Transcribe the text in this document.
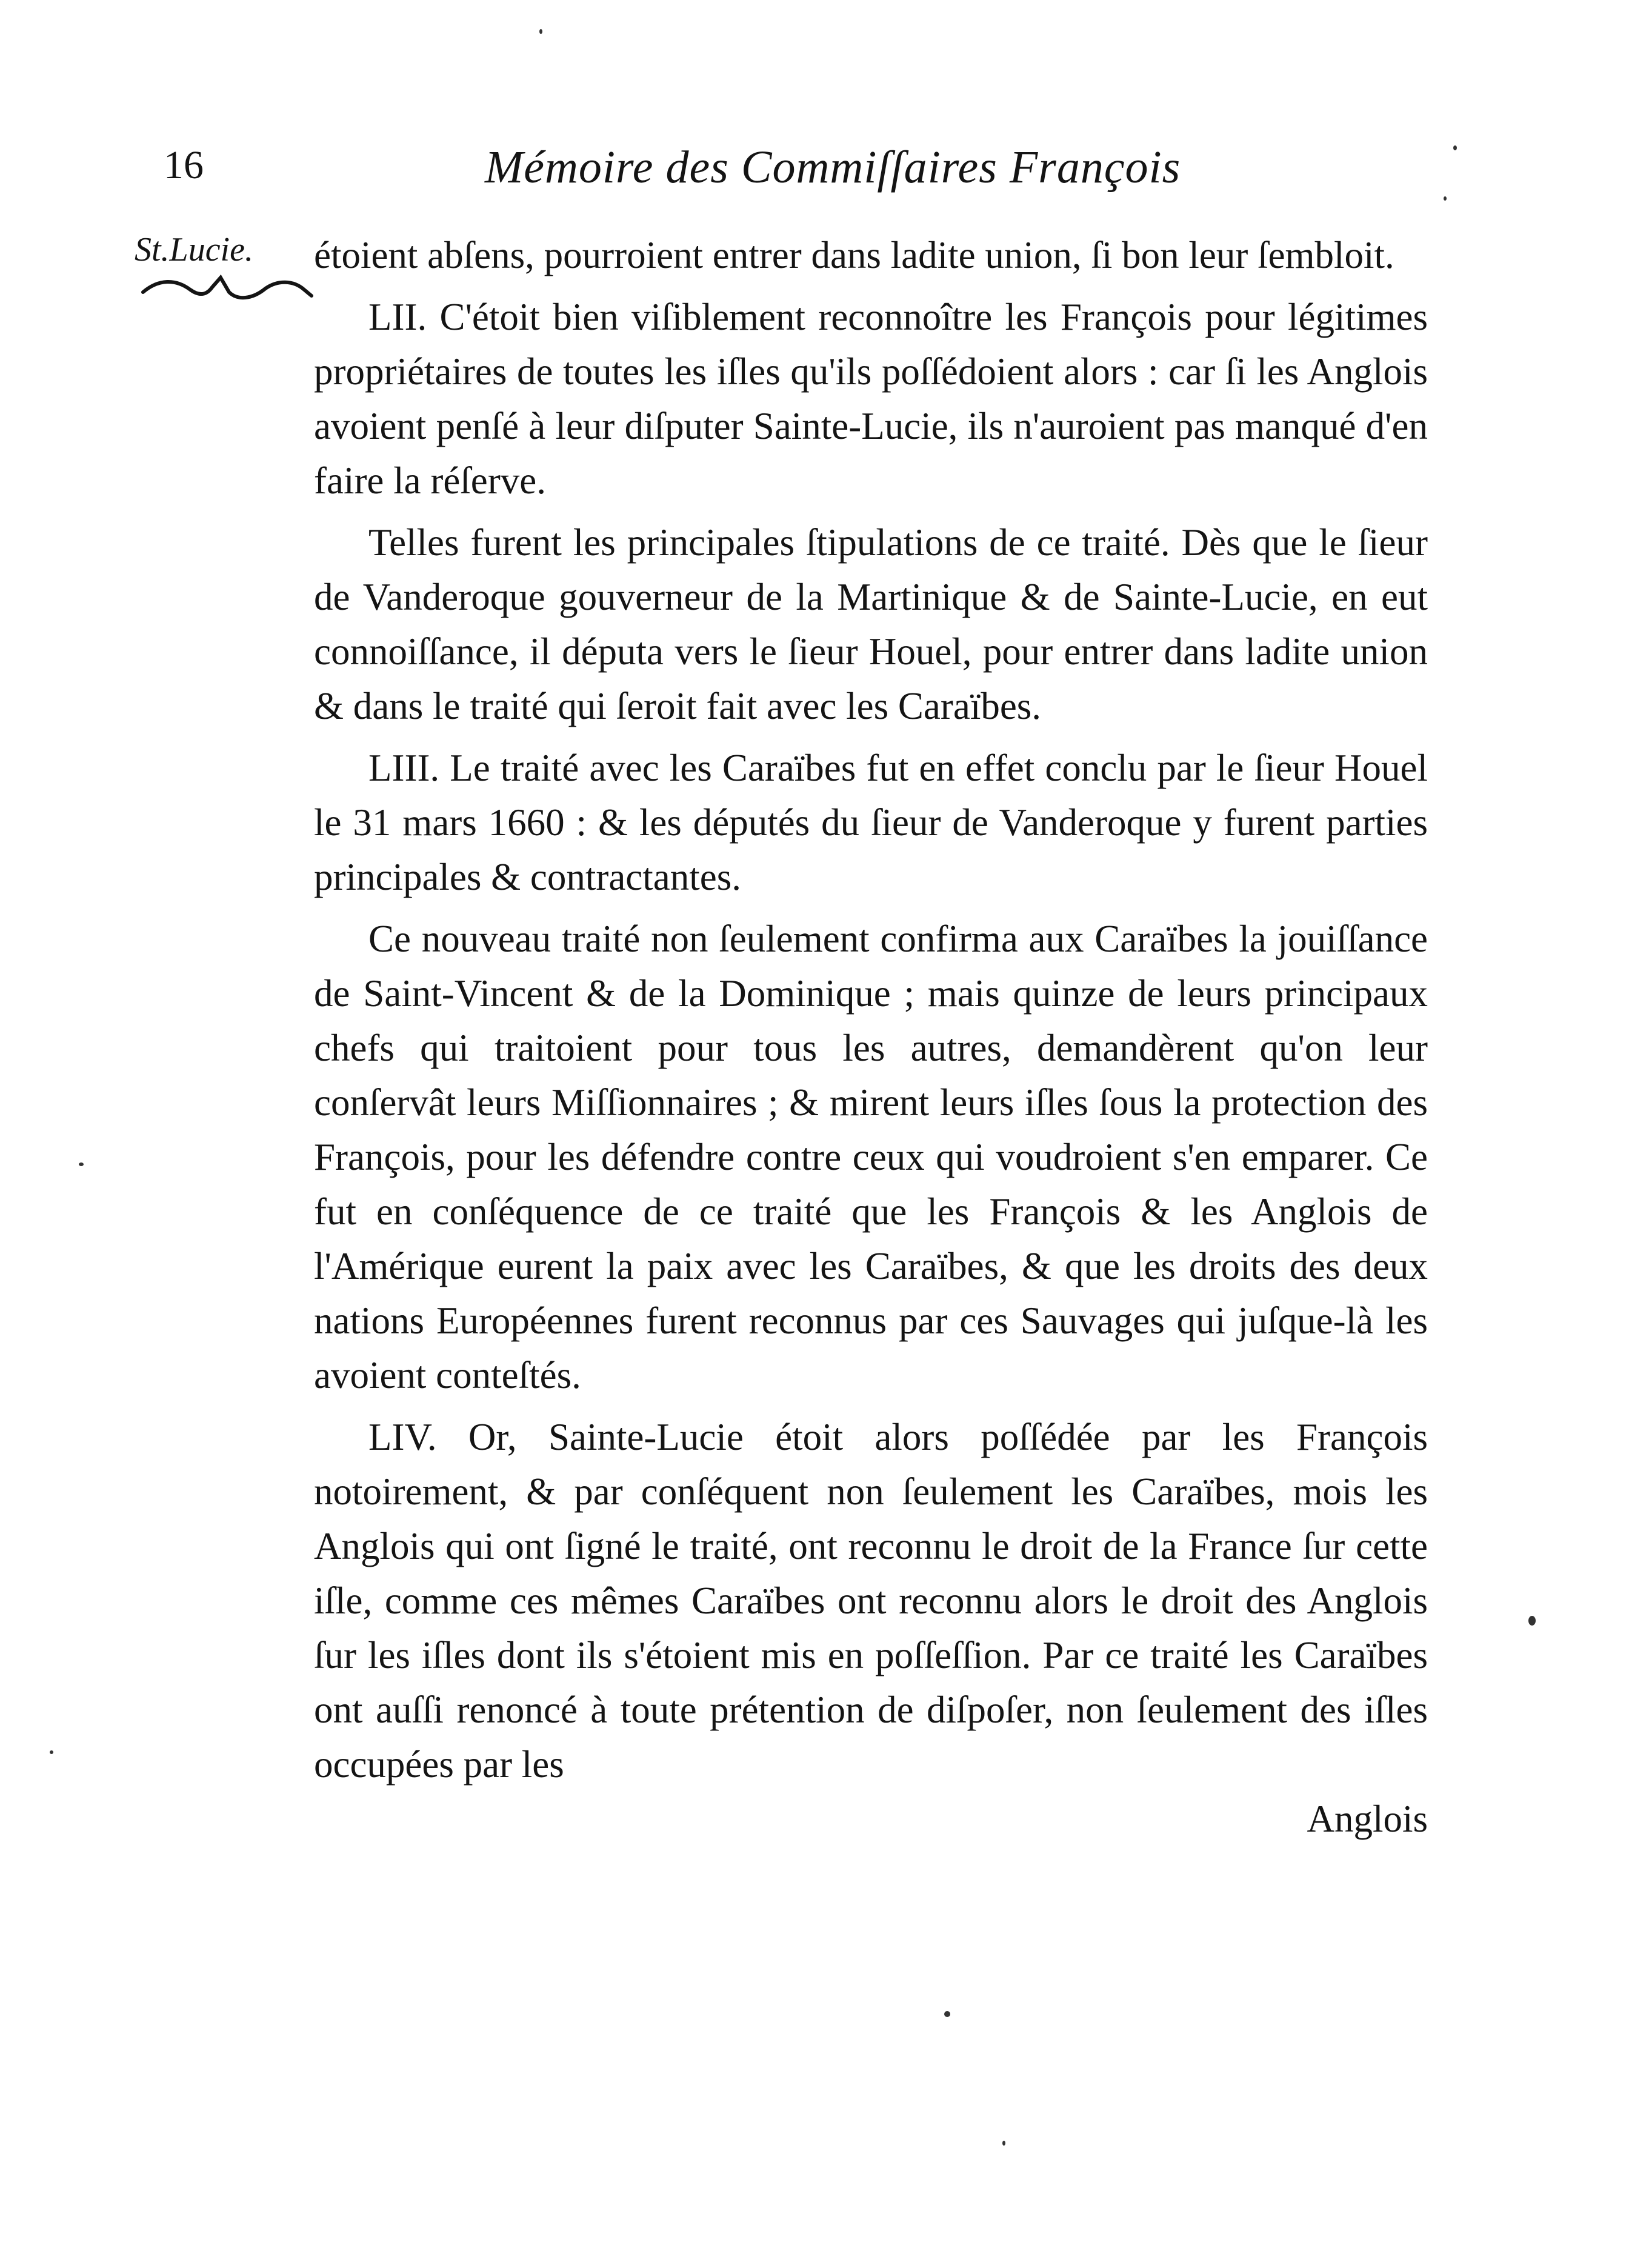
16	Mémoire des Commiſſaires François
St.Lucie. étoient abſens, pourroient entrer dans ladite union, ſi bon leur ſembloit.

LII. C'étoit bien viſiblement reconnoître les François pour légitimes propriétaires de toutes les iſles qu'ils poſſédoient alors : car ſi les Anglois avoient penſé à leur diſputer Sainte-Lucie, ils n'auroient pas manqué d'en faire la réſerve.

Telles furent les principales ſtipulations de ce traité. Dès que le ſieur de Vanderoque gouverneur de la Martinique & de Sainte-Lucie, en eut connoiſſance, il députa vers le ſieur Houel, pour entrer dans ladite union & dans le traité qui ſeroit fait avec les Caraïbes.

LIII. Le traité avec les Caraïbes fut en effet conclu par le ſieur Houel le 31 mars 1660 : & les députés du ſieur de Vanderoque y furent parties principales & contractantes.

Ce nouveau traité non ſeulement confirma aux Caraïbes la jouiſſance de Saint-Vincent & de la Dominique ; mais quinze de leurs principaux chefs qui traitoient pour tous les autres, demandèrent qu'on leur conſervât leurs Miſſionnaires ; & mirent leurs iſles ſous la protection des François, pour les défendre contre ceux qui voudroient s'en emparer. Ce fut en conſéquence de ce traité que les François & les Anglois de l'Amérique eurent la paix avec les Caraïbes, & que les droits des deux nations Européennes furent reconnus par ces Sauvages qui juſque-là les avoient conteſtés.

LIV. Or, Sainte-Lucie étoit alors poſſédée par les François notoirement, & par conſéquent non ſeulement les Caraïbes, mois les Anglois qui ont ſigné le traité, ont reconnu le droit de la France ſur cette iſle, comme ces mêmes Caraïbes ont reconnu alors le droit des Anglois ſur les iſles dont ils s'étoient mis en poſſeſſion. Par ce traité les Caraïbes ont auſſi renoncé à toute prétention de diſpoſer, non ſeulement des iſles occupées par les

Anglois
